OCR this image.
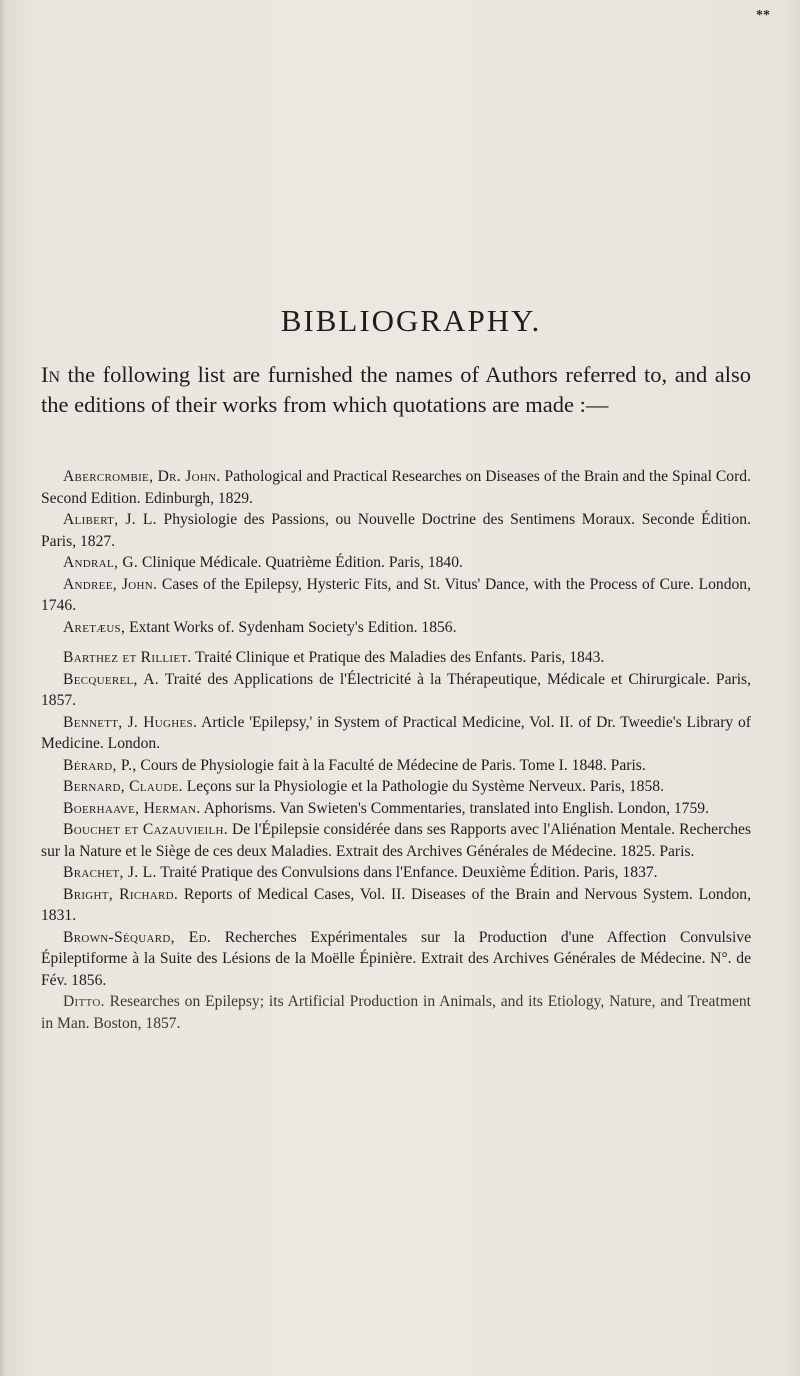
**
BIBLIOGRAPHY.

In the following list are furnished the names of Authors referred to, and also the editions of their works from which quotations are made :—

Abercrombie, Dr. John. Pathological and Practical Researches on Diseases of the Brain and the Spinal Cord. Second Edition. Edinburgh, 1829.
Alibert, J. L. Physiologie des Passions, ou Nouvelle Doctrine des Sentimens Moraux. Seconde Édition. Paris, 1827.
Andral, G. Clinique Médicale. Quatrième Édition. Paris, 1840.
Andree, John. Cases of the Epilepsy, Hysteric Fits, and St. Vitus' Dance, with the Process of Cure. London, 1746.
Aretæus, Extant Works of. Sydenham Society's Edition. 1856.
Barthez et Rilliet. Traité Clinique et Pratique des Maladies des Enfants. Paris, 1843.
Becquerel, A. Traité des Applications de l'Électricité à la Thérapeutique, Médicale et Chirurgicale. Paris, 1857.
Bennett, J. Hughes. Article 'Epilepsy,' in System of Practical Medicine, Vol. II. of Dr. Tweedie's Library of Medicine. London.
Bérard, P., Cours de Physiologie fait à la Faculté de Médecine de Paris. Tome I. 1848. Paris.
Bernard, Claude. Leçons sur la Physiologie et la Pathologie du Système Nerveux. Paris, 1858.
Boerhaave, Herman. Aphorisms. Van Swieten's Commentaries, translated into English. London, 1759.
Bouchet et Cazauvieilh. De l'Épilepsie considérée dans ses Rapports avec l'Aliénation Mentale. Recherches sur la Nature et le Siège de ces deux Maladies. Extrait des Archives Générales de Médecine. 1825. Paris.
Brachet, J. L. Traité Pratique des Convulsions dans l'Enfance. Deuxième Édition. Paris, 1837.
Bright, Richard. Reports of Medical Cases, Vol. II. Diseases of the Brain and Nervous System. London, 1831.
Brown-Séquard, Ed. Recherches Expérimentales sur la Production d'une Affection Convulsive Épileptiforme à la Suite des Lésions de la Moëlle Épinière. Extrait des Archives Générales de Médecine. N°. de Fév. 1856.
Ditto. Researches on Epilepsy; its Artificial Production in Animals, and its Etiology, Nature, and Treatment in Man. Boston, 1857.
